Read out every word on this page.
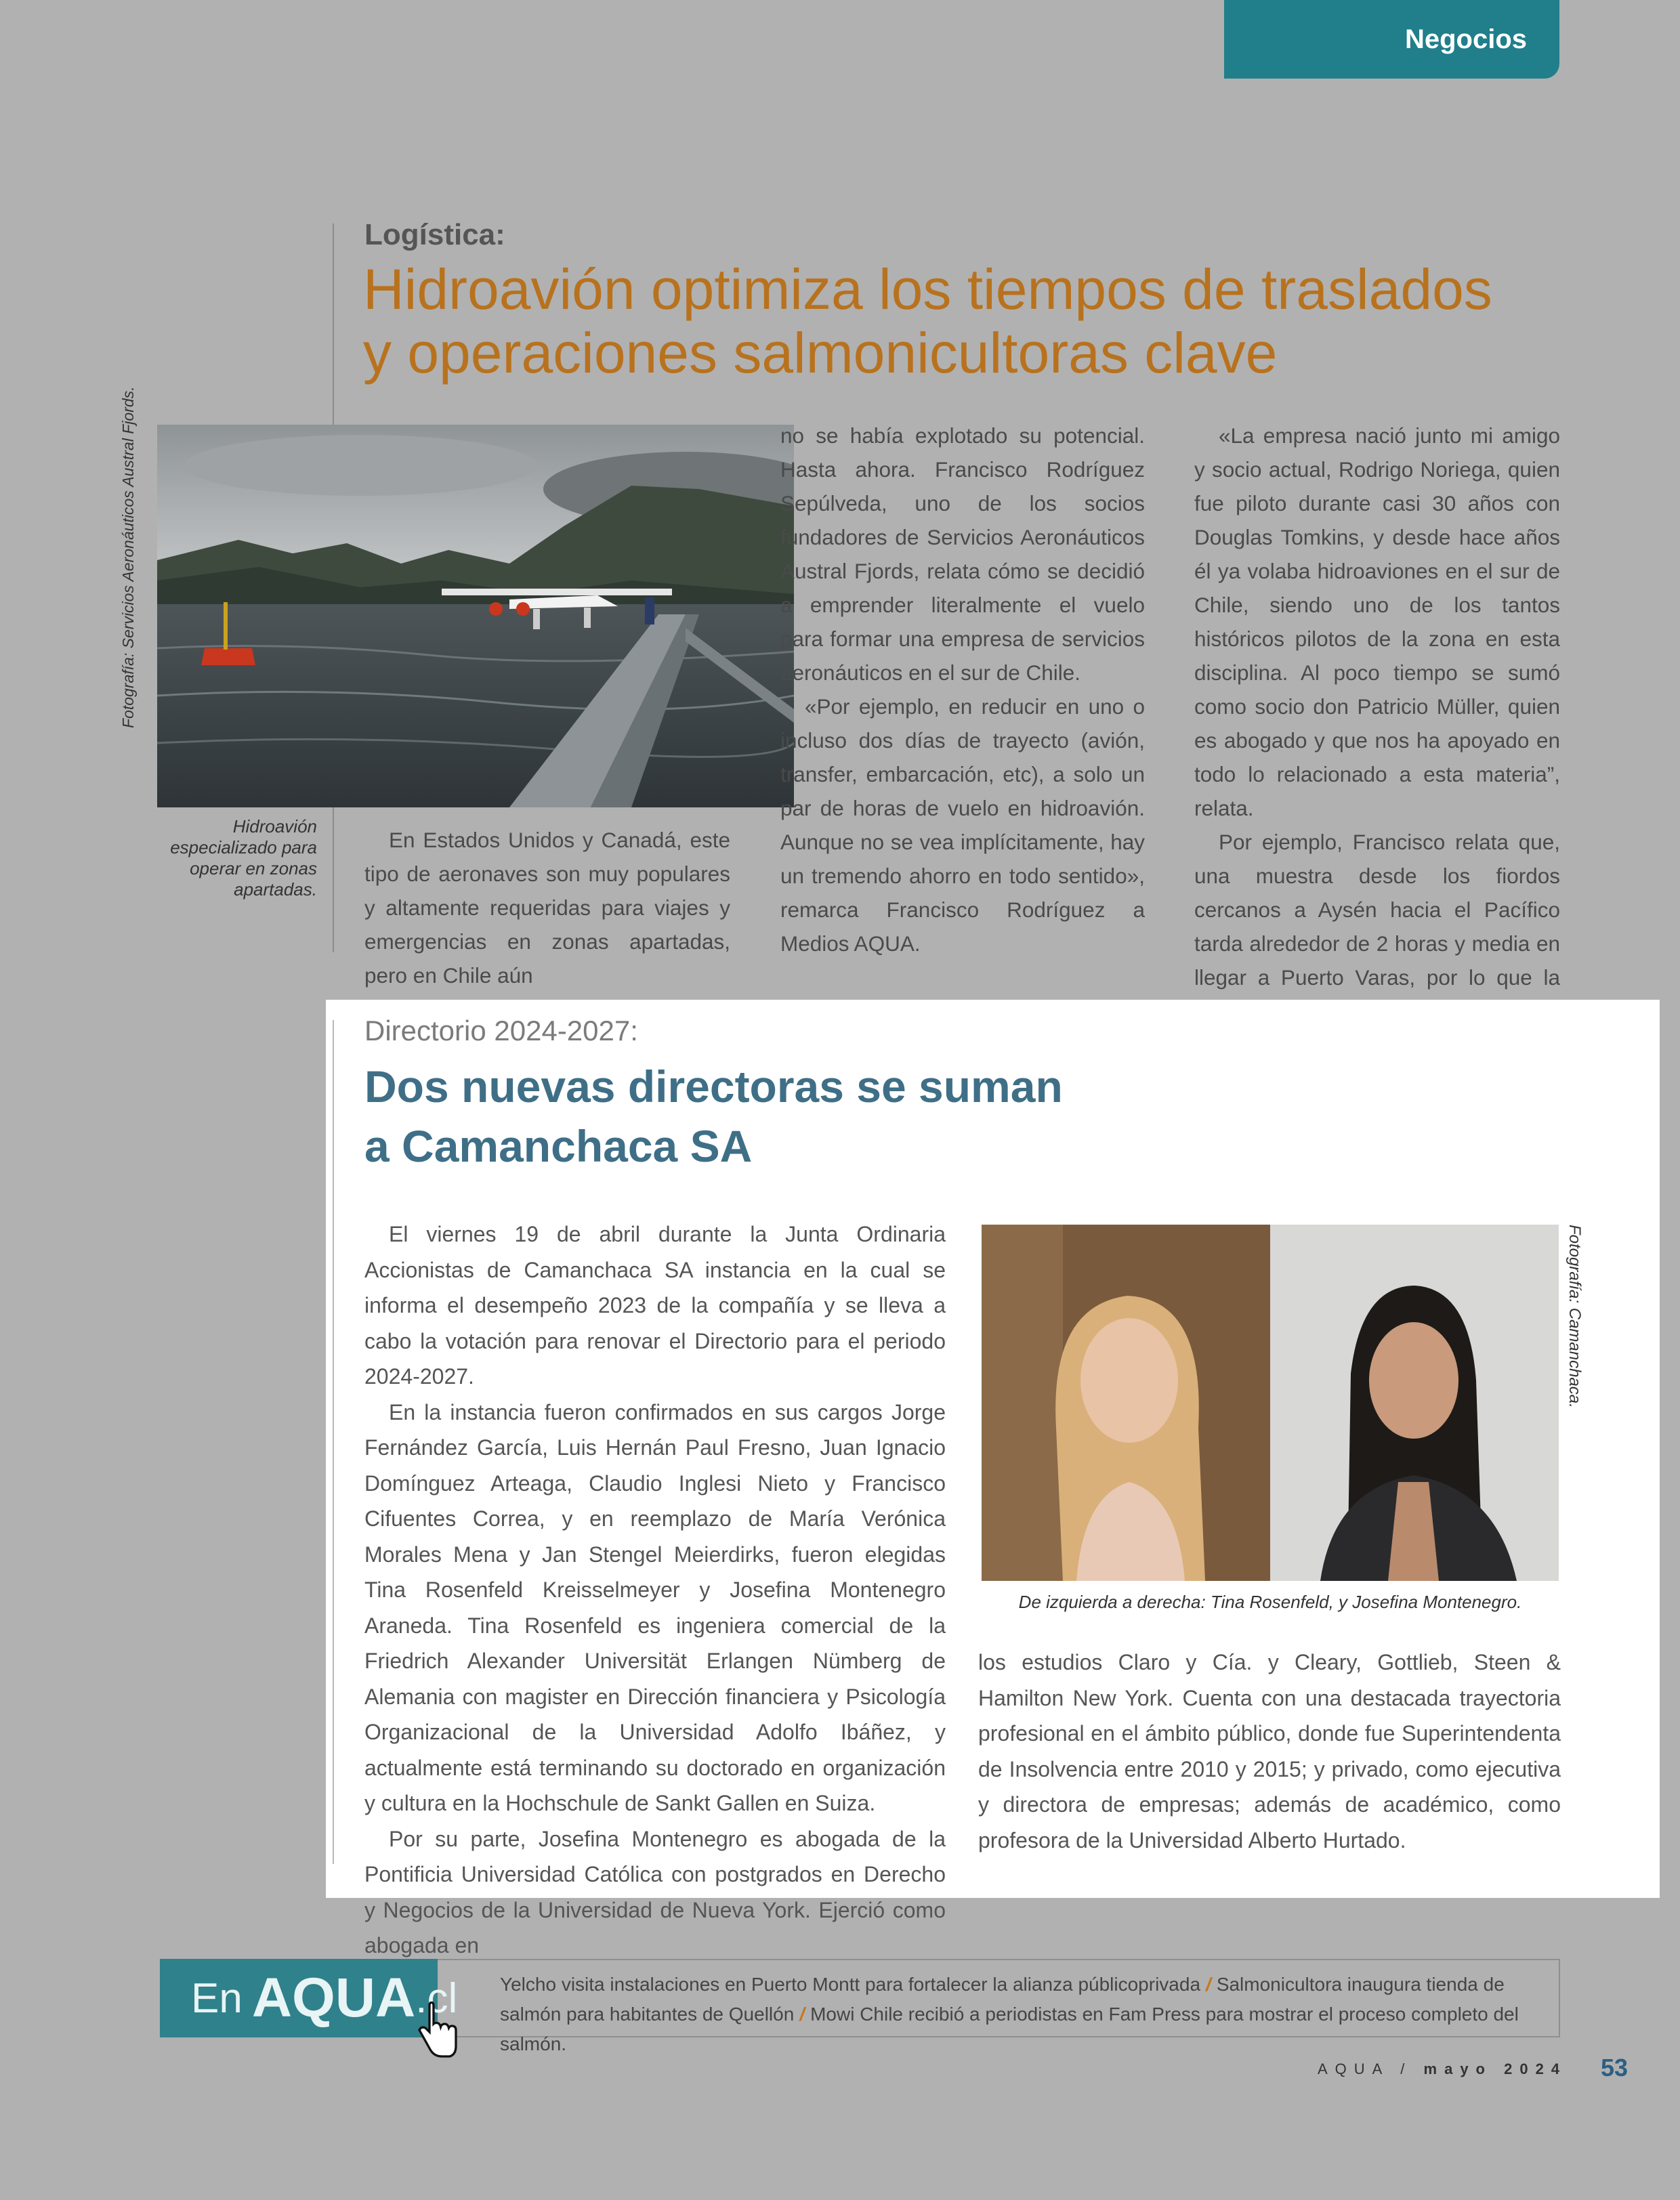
Negocios
Logística:
Hidroavión optimiza los tiempos de traslados
y operaciones salmonicultoras clave
Fotografía: Servicios Aeronáuticos Austral Fjords.
Hidroavión especializado para operar en zonas apartadas.

En Estados Unidos y Canadá, este tipo de aeronaves son muy populares y altamente requeridas para viajes y emergencias en zonas apartadas, pero en Chile aún

no se había explotado su potencial. Hasta ahora. Francisco Rodríguez Sepúlveda, uno de los socios fundadores de Servicios Aeronáuticos Austral Fjords, relata cómo se decidió a emprender literalmente el vuelo para formar una empresa de servicios aeronáuticos en el sur de Chile.

«Por ejemplo, en reducir en uno o incluso dos días de trayecto (avión, transfer, embarcación, etc), a solo un par de horas de vuelo en hidroavión. Aunque no se vea implícitamente, hay un tremendo ahorro en todo sentido», remarca Francisco Rodríguez a Medios AQUA.

«La empresa nació junto mi amigo y socio actual, Rodrigo Noriega, quien fue piloto durante casi 30 años con Douglas Tomkins, y desde hace años él ya volaba hidroaviones en el sur de Chile, siendo uno de los tantos históricos pilotos de la zona en esta disciplina. Al poco tiempo se sumó como socio don Patricio Müller, quien es abogado y que nos ha apoyado en todo lo relacionado a esta materia”, relata.

Por ejemplo, Francisco relata que, una muestra desde los fiordos cercanos a Aysén hacia el Pacífico tarda alrededor de 2 horas y media en llegar a Puerto Varas, por lo que la

Directorio 2024-2027:
Dos nuevas directoras se suman
a Camanchaca SA
Fotografía: Camanchaca.
De izquierda a derecha: Tina Rosenfeld, y Josefina Montenegro.

El viernes 19 de abril durante la Junta Ordinaria Accionistas de Camanchaca SA instancia en la cual se informa el desempeño 2023 de la compañía y se lleva a cabo la votación para renovar el Directorio para el periodo 2024-2027.

En la instancia fueron confirmados en sus cargos Jorge Fernández García, Luis Hernán Paul Fresno, Juan Ignacio Domínguez Arteaga, Claudio Inglesi Nieto y Francisco Cifuentes Correa, y en reemplazo de María Verónica Morales Mena y Jan Stengel Meierdirks, fueron elegidas Tina Rosenfeld Kreisselmeyer y Josefina Montenegro Araneda. Tina Rosenfeld es ingeniera comercial de la Friedrich Alexander Universität Erlangen Nümberg de Alemania con magister en Dirección financiera y Psicología Organizacional de la Universidad Adolfo Ibáñez, y actualmente está terminando su doctorado en organización y cultura en la Hochschule de Sankt Gallen en Suiza.

Por su parte, Josefina Montenegro es abogada de la Pontificia Universidad Católica con postgrados en Derecho y Negocios de la Universidad de Nueva York. Ejerció como abogada en

los estudios Claro y Cía. y Cleary, Gottlieb, Steen & Hamilton New York. Cuenta con una destacada trayectoria profesional en el ámbito público, donde fue Superintendenta de Insolvencia entre 2010 y 2015; y privado, como ejecutiva y directora de empresas; además de académico, como profesora de la Universidad Alberto Hurtado.

En AQUA .cl Yelcho visita instalaciones en Puerto Montt para fortalecer la alianza públicoprivada / Salmonicultora inaugura tienda de salmón para habitantes de Quellón / Mowi Chile recibió a periodistas en Fam Press para mostrar el proceso completo del salmón.
AQUA / mayo 2024 53
